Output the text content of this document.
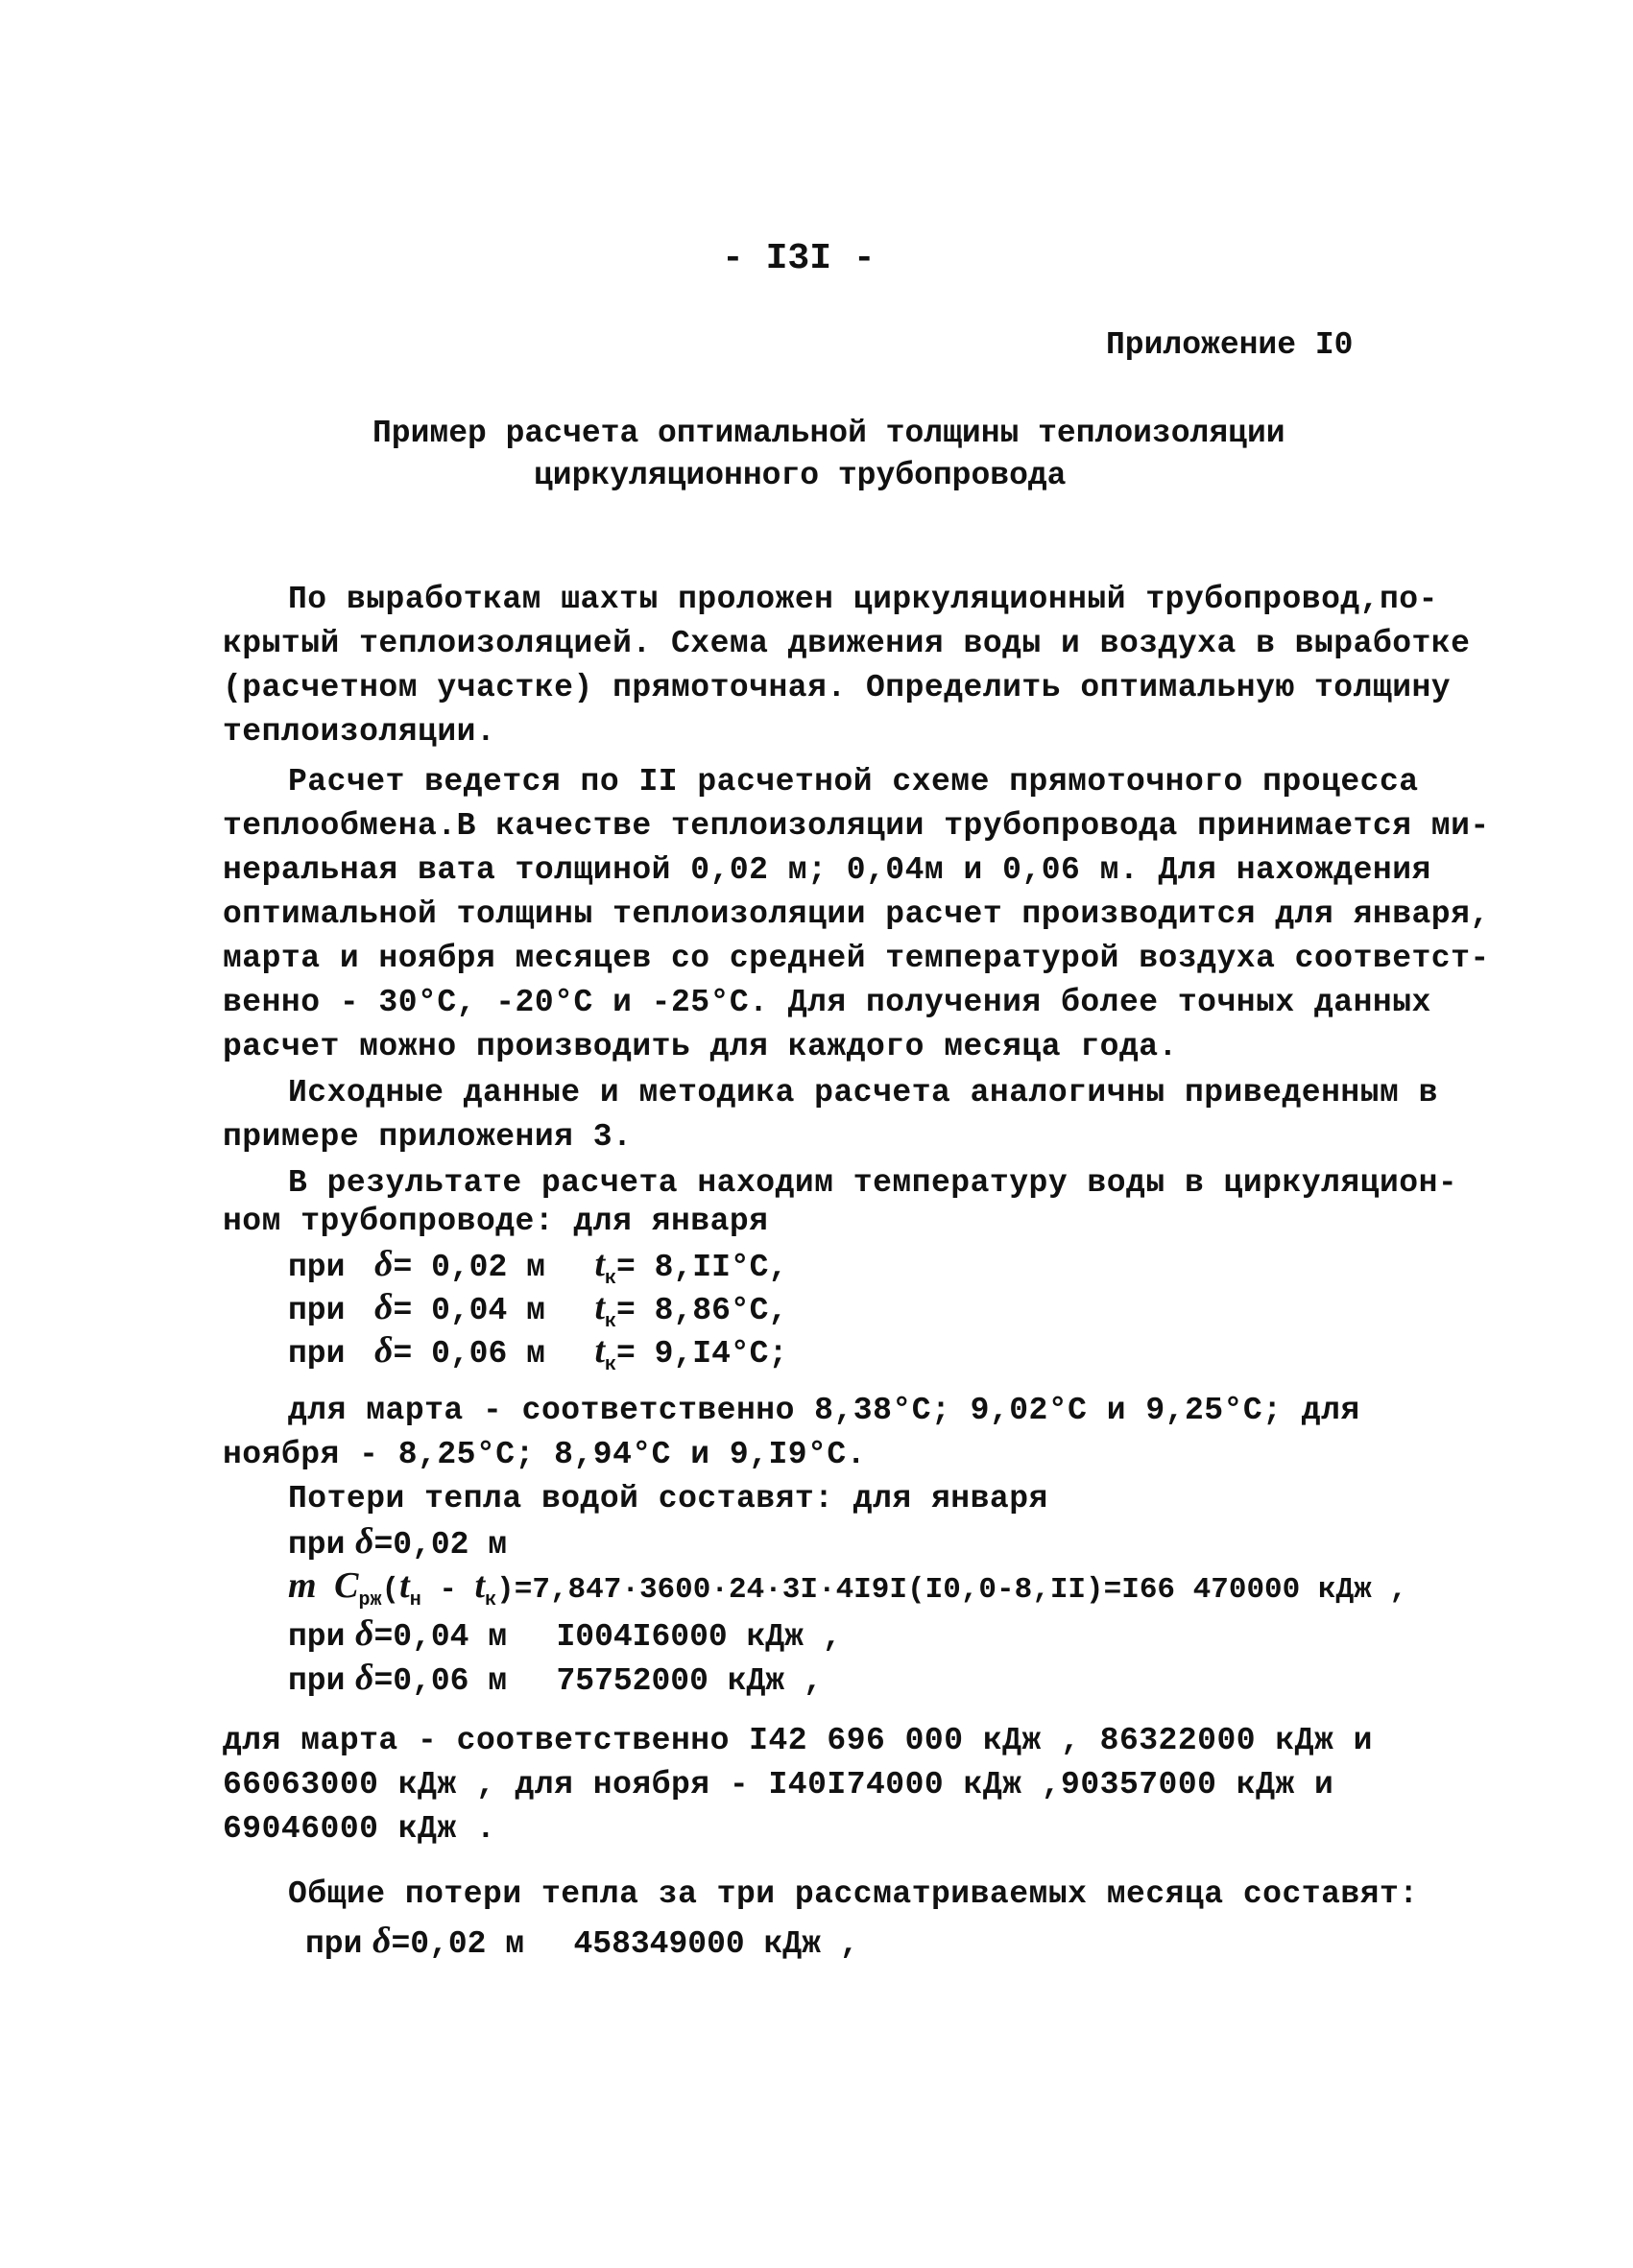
- I3I -
Приложение I0
Пример расчета оптимальной толщины теплоизоляции
циркуляционного трубопровода
По выработкам шахты проложен циркуляционный трубопровод,по-
крытый теплоизоляцией. Схема движения воды и воздуха в выработке
(расчетном участке) прямоточная. Определить оптимальную толщину
теплоизоляции.
Расчет ведется по II расчетной схеме прямоточного процесса
теплообмена.В качестве теплоизоляции трубопровода принимается ми-
неральная вата толщиной 0,02 м; 0,04м и 0,06 м. Для нахождения
оптимальной толщины теплоизоляции расчет производится для января,
марта и ноября месяцев со средней температурой воздуха соответст-
венно - 30°С, -20°С и -25°С. Для получения более точных данных
расчет можно производить для каждого месяца года.
Исходные данные и методика расчета аналогичны приведенным в
примере приложения 3.
В результате расчета находим температуру воды в циркуляцион-
ном трубопроводе: для января
при δ= 0,02 м $t_к= 8,II^\circ С$,
при δ= 0,04 м $t_к= 8,86^\circ С$,
при δ= 0,06 м $t_к= 9,I4^\circ С$;
для марта - соответственно 8,38°С; 9,02°С и 9,25°С; для
ноября - 8,25°С; 8,94°С и 9,I9°С.
Потери тепла водой составят: для января
при δ=0,02 м
m $C_{рж}(t_н - t_к)=7,847\cdot 3600\cdot 24\cdot 3I\cdot 4I9I(I0,0-8,II)=I66$ 470000 кДж ,
при δ=0,04 м I004I6000 кДж ,
при δ=0,06 м 75752000 кДж ,
для марта - соответственно I42 696 000 кДж , 86322000 кДж и
66063000 кДж , для ноября - I40I74000 кДж ,90357000 кДж и
69046000 кДж .
Общие потери тепла за три рассматриваемых месяца составят:
при δ=0,02 м 458349000 кДж ,
